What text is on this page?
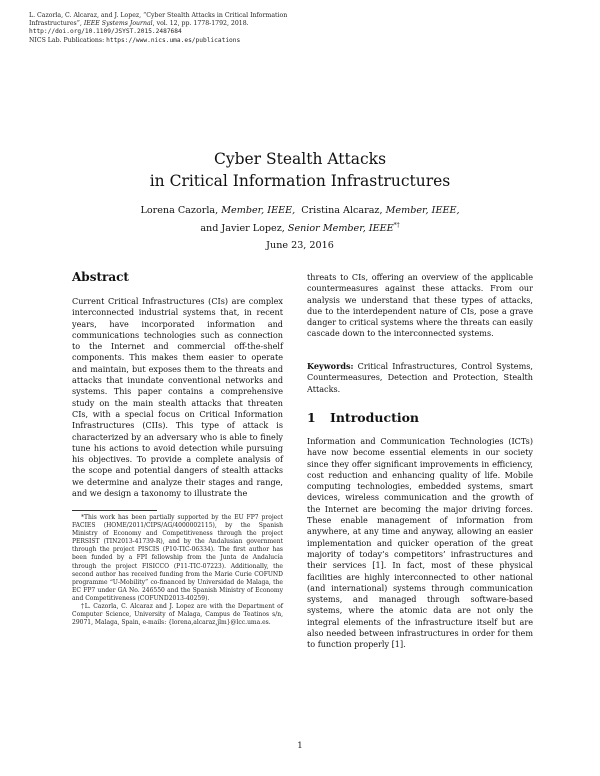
L. Cazorla, C. Alcaraz, and J. Lopez, “Cyber Stealth Attacks in Critical Information Infrastructures”, IEEE Systems Journal, vol. 12, pp. 1778-1792, 2018.
http://doi.org/10.1109/JSYST.2015.2487684
NICS Lab. Publications: https://www.nics.uma.es/publications
Cyber Stealth Attacks
in Critical Information Infrastructures
Lorena Cazorla, Member, IEEE, Cristina Alcaraz, Member, IEEE,
and Javier Lopez, Senior Member, IEEE*†
June 23, 2016
Abstract
Current Critical Infrastructures (CIs) are complex interconnected industrial systems that, in recent years, have incorporated information and communications technologies such as connection to the Internet and commercial off-the-shelf components. This makes them easier to operate and maintain, but exposes them to the threats and attacks that inundate conventional networks and systems. This paper contains a comprehensive study on the main stealth attacks that threaten CIs, with a special focus on Critical Information Infrastructures (CIIs). This type of attack is characterized by an adversary who is able to finely tune his actions to avoid detection while pursuing his objectives. To provide a complete analysis of the scope and potential dangers of stealth attacks we determine and analyze their stages and range, and we design a taxonomy to illustrate the

*This work has been partially supported by the EU FP7 project FACIES (HOME/2011/CIPS/AG/4000002115), by the Spanish Ministry of Economy and Competitiveness through the project PERSIST (TIN2013-41739-R), and by the Andalusian government through the project PISCIS (P10-TIC-06334). The first author has been funded by a FPI fellowship from the Junta de Andalucía through the project FISICCO (P11-TIC-07223). Additionally, the second author has received funding from the Marie Curie COFUND programme “U-Mobility” co-financed by Universidad de Malaga, the EC FP7 under GA No. 246550 and the Spanish Ministry of Economy and Competitiveness (COFUND2013-40259).

†L. Cazorla, C. Alcaraz and J. Lopez are with the Department of Computer Science, University of Malaga, Campus de Teatinos s/n, 29071, Malaga, Spain, e-mails: {lorena,alcaraz,jlm}@lcc.uma.es.

threats to CIs, offering an overview of the applicable countermeasures against these attacks. From our analysis we understand that these types of attacks, due to the interdependent nature of CIs, pose a grave danger to critical systems where the threats can easily cascade down to the interconnected systems.
Keywords: Critical Infrastructures, Control Systems, Countermeasures, Detection and Protection, Stealth Attacks.
1 Introduction
Information and Communication Technologies (ICTs) have now become essential elements in our society since they offer significant improvements in efficiency, cost reduction and enhancing quality of life. Mobile computing technologies, embedded systems, smart devices, wireless communication and the growth of the Internet are becoming the major driving forces. These enable management of information from anywhere, at any time and anyway, allowing an easier implementation and quicker operation of the great majority of today’s competitors’ infrastructures and their services [1]. In fact, most of these physical facilities are highly interconnected to other national (and international) systems through communication systems, and managed through software-based systems, where the atomic data are not only the integral elements of the infrastructure itself but are also needed between infrastructures in order for them to function properly [1].
1
